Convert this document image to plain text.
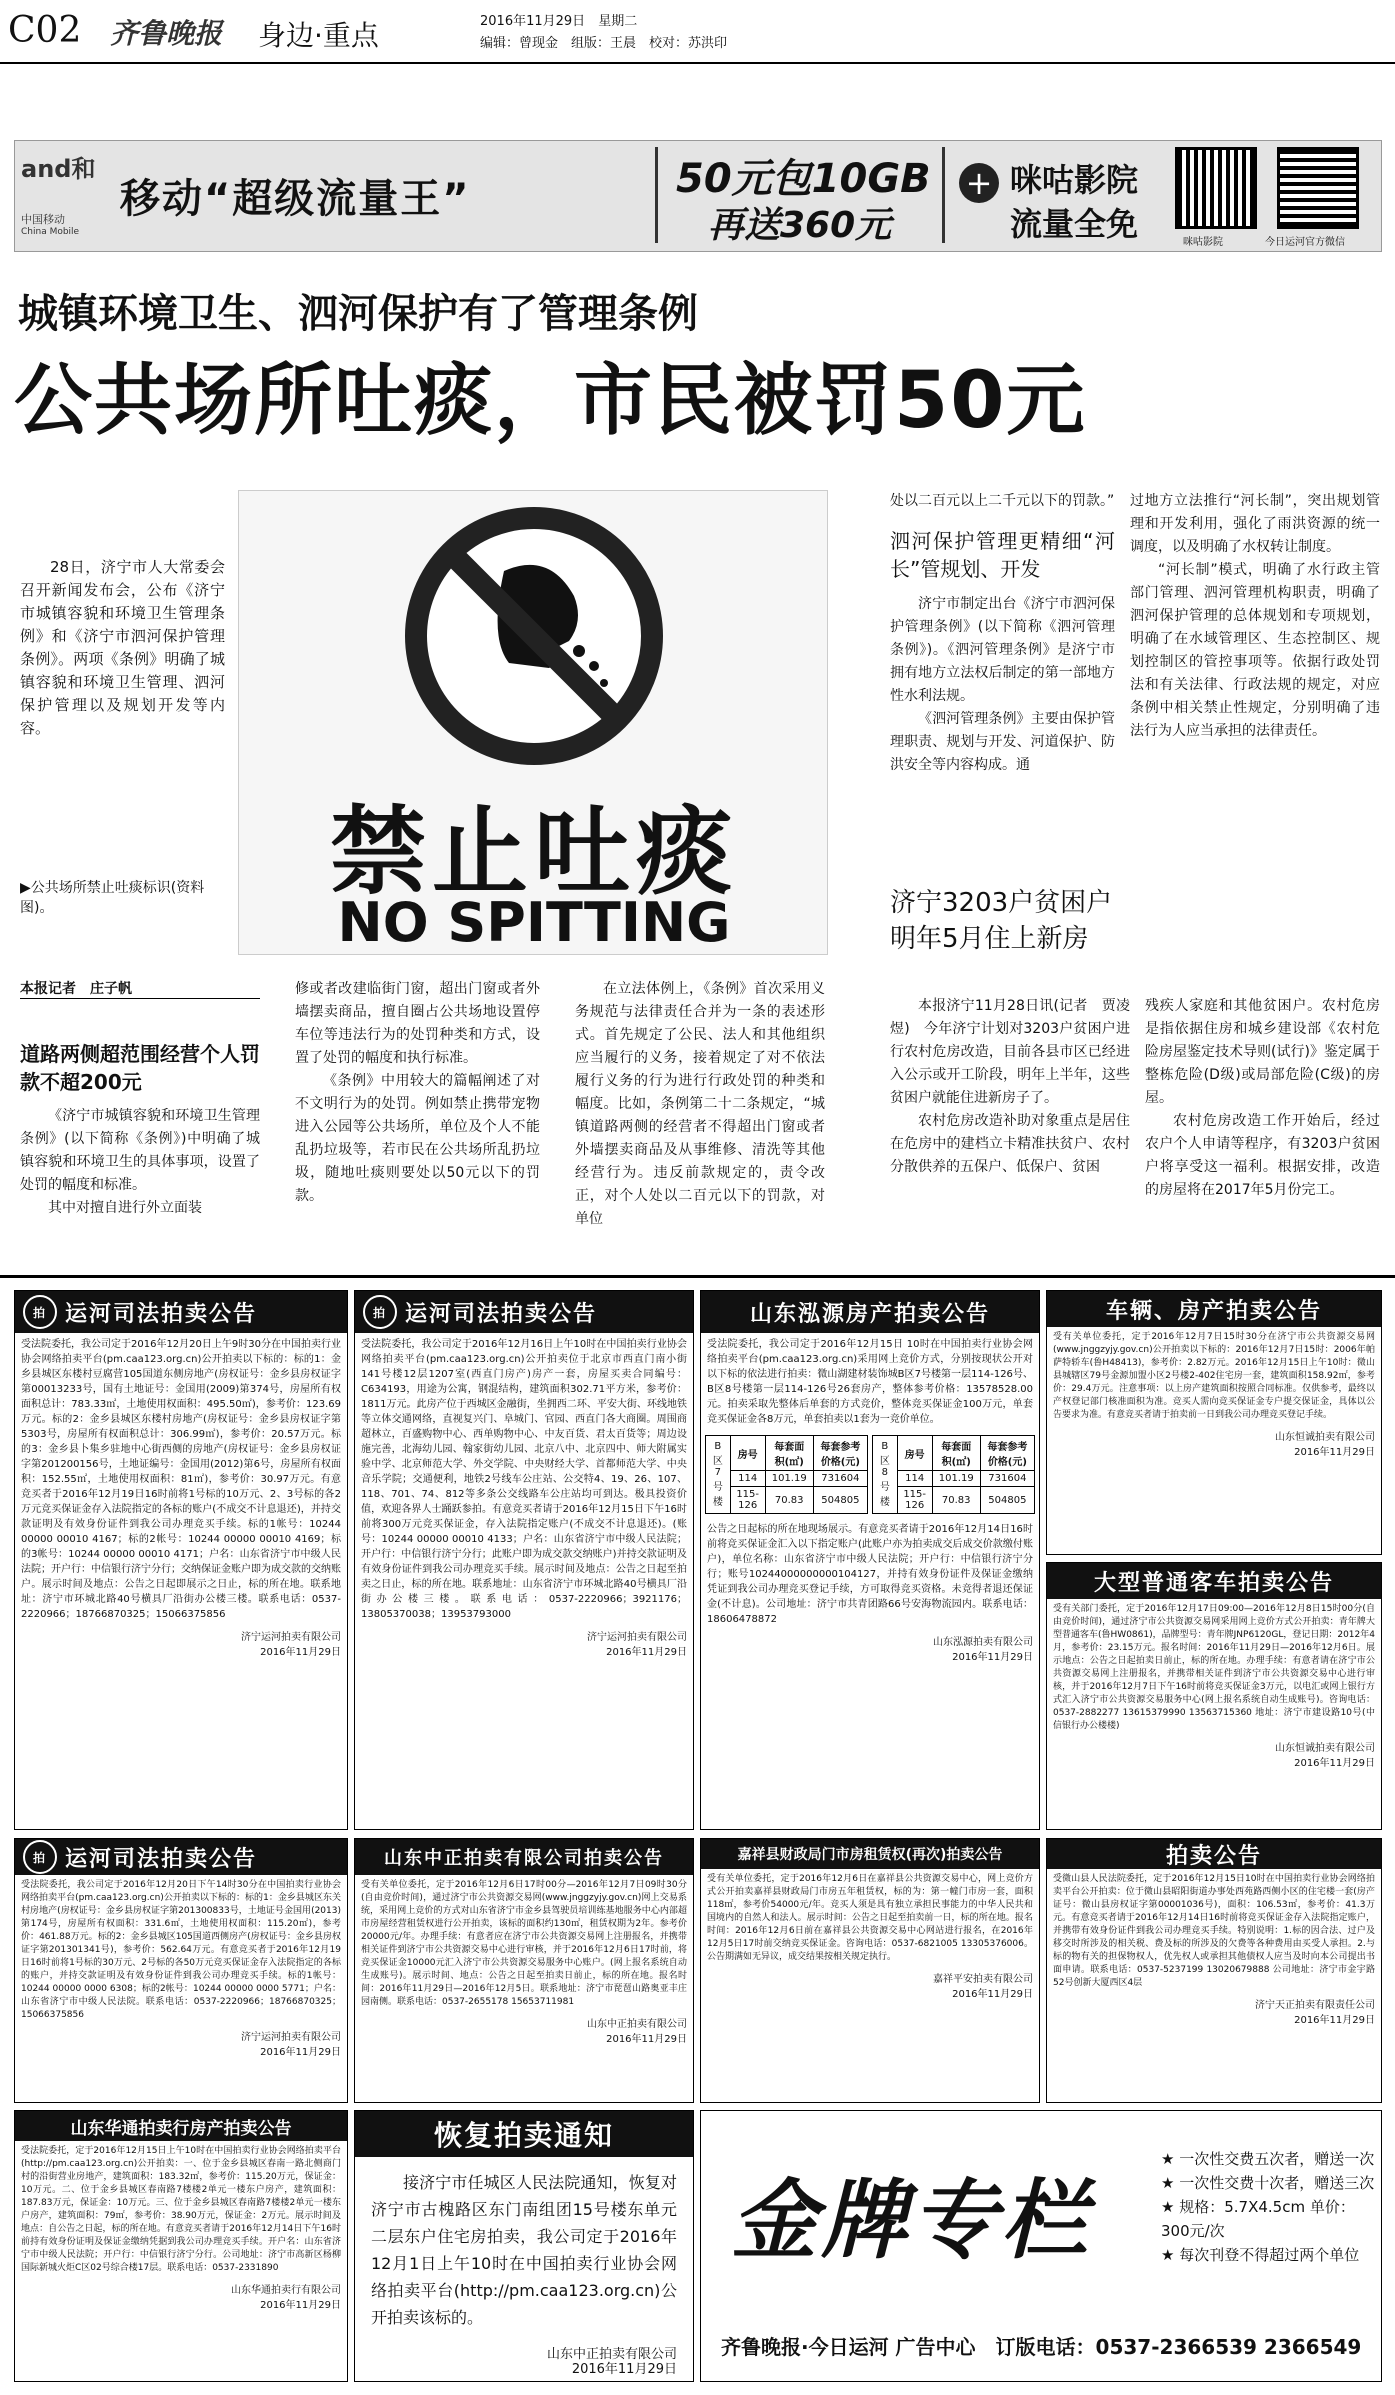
C02 齐鲁晚报 身边·重点	2016年11月29日　 星期二
编辑：曾现金　组版：王晨　校对：苏洪印
and和
中国移动
China Mobile
移动“超级流量王”	50元包10GB
再送360元
+ 咪咕影院
流量全免	咪咕影院	今日运河官方微信
城镇环境卫生、泗河保护有了管理条例
公共场所吐痰，市民被罚50元

28日，济宁市人大常委会召开新闻发布会，公布《济宁市城镇容貌和环境卫生管理条例》和《济宁市泗河保护管理条例》。两项《条例》明确了城镇容貌和环境卫生管理、泗河保护管理以及规划开发等内容。

▶公共场所禁止吐痰标识(资料图)。	禁止吐痰
NO SPITTING
处以二百元以上二千元以下的罚款。”
泗河保护管理更精细“河长”管规划、开发

济宁市制定出台《济宁市泗河保护管理条例》(以下简称《泗河管理条例》)。《泗河管理条例》是济宁市拥有地方立法权后制定的第一部地方性水利法规。

《泗河管理条例》主要由保护管理职责、规划与开发、河道保护、防洪安全等内容构成。通

过地方立法推行“河长制”，突出规划管理和开发利用，强化了雨洪资源的统一调度，以及明确了水权转让制度。

“河长制”模式，明确了水行政主管部门管理、泗河管理机构职责，明确了泗河保护管理的总体规划和专项规划，明确了在水域管理区、生态控制区、规划控制区的管控事项等。依据行政处罚法和有关法律、行政法规的规定，对应条例中相关禁止性规定，分别明确了违法行为人应当承担的法律责任。

济宁3203户贫困户
明年5月住上新房
本报记者　庄子帆
道路两侧超范围经营个人罚款不超200元

《济宁市城镇容貌和环境卫生管理条例》(以下简称《条例》)中明确了城镇容貌和环境卫生的具体事项，设置了处罚的幅度和标准。

其中对擅自进行外立面装

修或者改建临街门窗，超出门窗或者外墙摆卖商品，擅自圈占公共场地设置停车位等违法行为的处罚种类和方式，设置了处罚的幅度和执行标准。

《条例》中用较大的篇幅阐述了对不文明行为的处罚。例如禁止携带宠物进入公园等公共场所，单位及个人不能乱扔垃圾等，若市民在公共场所乱扔垃圾，随地吐痰则要处以50元以下的罚款。

在立法体例上，《条例》首次采用义务规范与法律责任合并为一条的表述形式。首先规定了公民、法人和其他组织应当履行的义务，接着规定了对不依法履行义务的行为进行行政处罚的种类和幅度。比如，条例第二十二条规定，“城镇道路两侧的经营者不得超出门窗或者外墙摆卖商品及从事维修、清洗等其他经营行为。违反前款规定的，责令改正，对个人处以二百元以下的罚款，对单位

本报济宁11月28日讯(记者　贾凌煜)　今年济宁计划对3203户贫困户进行农村危房改造，目前各县市区已经进入公示或开工阶段，明年上半年，这些贫困户就能住进新房子了。

农村危房改造补助对象重点是居住在危房中的建档立卡精准扶贫户、农村分散供养的五保户、低保户、贫困

残疾人家庭和其他贫困户。农村危房是指依据住房和城乡建设部《农村危险房屋鉴定技术导则(试行)》鉴定属于整栋危险(D级)或局部危险(C级)的房屋。

农村危房改造工作开始后，经过农户个人申请等程序，有3203户贫困户将享受这一福利。根据安排，改造的房屋将在2017年5月份完工。

拍 运河司法拍卖公告
受法院委托，我公司定于2016年12月20日上午9时30分在中国拍卖行业协会网络拍卖平台(pm.caa123.org.cn)公开拍卖以下标的：标的1：金乡县城区东楼村豆腐营105国道东侧房地产(房权证号：金乡县房权证字第00013233号，国有土地证号：金国用(2009)第374号，房屋所有权面积总计：783.33㎡，土地使用权面积：495.50㎡)，参考价：123.69万元。标的2：金乡县城区东楼村房地产(房权证号：金乡县房权证字第5303号，房屋所有权面积总计：306.99㎡)，参考价：20.57万元。标的3：金乡县卜集乡驻地中心街西侧的房地产(房权证号：金乡县房权证字第201200156号，土地证编号：金国用(2012)第6号，房屋所有权面积：152.55㎡，土地使用权面积：81㎡)，参考价：30.97万元。有意竞买者于2016年12月19日16时前将1号标的10万元、2、3号标的各2万元竞买保证金存入法院指定的各标的账户(不成交不计息退还)，并持交款证明及有效身份证件到我公司办理竞买手续。标的1帐号：10244 00000 00010 4167；标的2帐号：10244 00000 00010 4169；标的3帐号：10244 00000 00010 4171；户名：山东省济宁市中级人民法院；开户行：中信银行济宁分行；交纳保证金账户即为成交款的交纳账户。展示时间及地点：公告之日起即展示之日止，标的所在地。联系地址：济宁市环城北路40号横具厂沿街办公楼三楼。联系电话：0537-2220966；18766870325；15066375856
济宁运河拍卖有限公司
2016年11月29日
拍 运河司法拍卖公告
受法院委托，我公司定于2016年12月16日上午10时在中国拍卖行业协会网络拍卖平台(pm.caa123.org.cn)公开拍卖位于北京市西直门南小街141号楼12层1207室(西直门房产)房产一套，房屋买卖合同编号：C634193，用途为公寓，钢混结构，建筑面积302.71平方米，参考价：1811万元。此房产位于西城区金融街，坐拥西二环、平安大街、环线地铁等立体交通网络，直视复兴门、阜城门、官园、西直门各大商圈。周围商超林立，百盛购物中心、西单购物中心、中友百货、君太百货等；周边设施完善，北海幼儿园、翰家街幼儿园、北京八中、北京四中、师大附属实验中学、北京师范大学、外交学院、中央财经大学、首都师范大学、中央音乐学院；交通便利，地铁2号线车公庄站、公交特4、19、26、107、118、701、74、812等多条公交线路车公庄站均可到达。极具投资价值，欢迎各界人士踊跃参拍。有意竞买者请于2016年12月15日下午16时前将300万元竞买保证金，存入法院指定账户(不成交不计息退还)。(账号：10244 00000 00010 4133；户名：山东省济宁市中级人民法院；开户行：中信银行济宁分行；此账户即为成交款交纳账户)并持交款证明及有效身份证件到我公司办理竞买手续。展示时间及地点：公告之日起至拍卖之日止，标的所在地。联系地址：山东省济宁市环城北路40号横具厂沿街办公楼三楼。联系电话：0537-2220966；3921176；13805370038；13953793000
济宁运河拍卖有限公司
2016年11月29日
山东泓源房产拍卖公告
受法院委托，我公司定于2016年12月15日 10时在中国拍卖行业协会网络拍卖平台(pm.caa123.org.cn)采用网上竞价方式，分别按现状公开对以下标的依法进行拍卖：微山湖建材装饰城B区7号楼第一层114-126号、B区8号楼第一层114-126号26套房产，整体参考价格：13578528.00元。拍卖采取先整体后单套的方式竞价，整体竞买保证金100万元，单套竞买保证金各8万元，单套拍卖以1套为一竞价单位。
B区7号楼	房号	每套面积(㎡)	每套参考价格(元)
	114	101.19	731604
	115-126	70.83	504805
B区8号楼	房号	每套面积(㎡)	每套参考价格(元)
	114	101.19	731604
	115-126	70.83	504805
公告之日起标的所在地现场展示。有意竞买者请于2016年12月14日16时前将竞买保证金汇入以下指定账户(此账户亦为拍卖成交后成交价款缴付账户)，单位名称：山东省济宁市中级人民法院；开户行：中信银行济宁分行；账号10244000000000104127，并持有效身份证件及保证金缴纳凭证到我公司办理竞买登记手续，方可取得竞买资格。未竞得者退还保证金(不计息)。公司地址：济宁市共青团路66号安海物流园内。联系电话：18606478872
山东泓源拍卖有限公司
2016年11月29日
车辆、房产拍卖公告
受有关单位委托，定于2016年12月7日15时30分在济宁市公共资源交易网(www.jnggzyjy.gov.cn)公开拍卖以下标的：2016年12月7日15时：2006年帕萨特轿车(鲁H48413)，参考价：2.82万元。2016年12月15日上午10时：微山县城辖区79号金源加盟小区2号楼2-402住宅房一套，建筑面积158.92㎡，参考价：29.4万元。注意事项：以上房产建筑面积按照合同标准。仅供参考，最终以产权登记部门核准面积为准。竞买人需向竞买保证金专户提交保证金，具体以公告要求为准。有意竞买者请于拍卖前一日到我公司办理竞买登记手续。
山东恒诚拍卖有限公司
2016年11月29日
大型普通客车拍卖公告
受有关部门委托，定于2016年12月17日09:00—2016年12月8日15时00分(自由竞价时间)，通过济宁市公共资源交易网采用网上竞价方式公开拍卖：青年牌大型普通客车(鲁HW0861)，品牌型号：青年牌JNP6120GL，登记日期：2012年4月，参考价：23.15万元。报名时间：2016年11月29日—2016年12月6日。展示地点：公告之日起拍卖日前止，标的所在地。办理手续：有意者请在济宁市公共资源交易网上注册报名，并携带相关证件到济宁市公共资源交易中心进行审核，并于2016年12月7日下午16时前将竞买保证金3万元，以电汇或网上银行方式汇入济宁市公共资源交易服务中心(网上报名系统自动生成账号)。咨询电话：0537-2882277 13615379990 13563715360 地址：济宁市建设路10号(中信银行办公楼楼)
山东恒诚拍卖有限公司
2016年11月29日
拍 运河司法拍卖公告
受法院委托，我公司定于2016年12月20日下午14时30分在中国拍卖行业协会网络拍卖平台(pm.caa123.org.cn)公开拍卖以下标的：标的1：金乡县城区东关村房地产(房权证号：金乡县房权证字第201300833号，土地证号金国用(2013)第174号，房屋所有权面积：331.6㎡，土地使用权面积：115.20㎡)，参考价：461.88万元。标的2：金乡县城区105国道西侧房产(房权证号：金乡县房权证字第201301341号)，参考价：562.64万元。有意竞买者于2016年12月19日16时前将1号标的30万元、2号标的各50万元竞买保证金存入法院指定的各标的账户，并持交款证明及有效身份证件到我公司办理竞买手续。标的1帐号：10244 00000 0000 6308；标的2帐号：10244 00000 0000 5771；户名：山东省济宁市中级人民法院。联系电话：0537-2220966；18766870325；15066375856
济宁运河拍卖有限公司
2016年11月29日
山东中正拍卖有限公司拍卖公告
受有关单位委托，定于2016年12月6日17时00分—2016年12月7日09时30分(自由竞价时间)，通过济宁市公共资源交易网(www.jnggzyjy.gov.cn)网上交易系统，采用网上竞价的方式对山东省济宁市金乡县驾驶员培训练基地服务中心内部超市房屋经营租赁权进行公开拍卖，该标的面积约130㎡，租赁权期为2年。参考价20000元/年。办理手续：有意者应在济宁市公共资源交易网上注册报名，并携带相关证件到济宁市公共资源交易中心进行审核，并于2016年12月6日17时前，将竞买保证金10000元汇入济宁市公共资源交易服务中心账户。(网上报名系统自动生成账号)。展示时间、地点：公告之日起至拍卖日前止，标的所在地。报名时间：2016年11月29日—2016年12月5日。联系地址：济宁市琵琶山路奥亚丰庄园南侧。联系电话：0537-2655178 15653711981
山东中正拍卖有限公司
2016年11月29日
嘉祥县财政局门市房租赁权(再次)拍卖公告
受有关单位委托，定于2016年12月6日在嘉祥县公共资源交易中心，网上竞价方式公开拍卖嘉祥县财政局门市房五年租赁权，标的为：第一幢门市房一套，面积118㎡，参考价54000元/年。竞买人须是具有独立承担民事能力的中华人民共和国境内的自然人和法人。展示时间：公告之日起至拍卖前一日，标的所在地。报名时间：2016年12月6日前在嘉祥县公共资源交易中心网站进行报名，在2016年12月5日17时前交纳竞买保证金。咨询电话：0537-6821005 13305376006。公告期满如无异议，成交结果按相关规定执行。
嘉祥平安拍卖有限公司
2016年11月29日
拍卖公告
受微山县人民法院委托，定于2016年12月15日10时在中国拍卖行业协会网络拍卖平台公开拍卖：位于微山县昭阳街道办事处西苑路西侧小区的住宅楼一套(房产证号：微山县房权证字第00001036号)，面积：106.53㎡，参考价：41.3万元。有意竞买者请于2016年12月14日16时前将竞买保证金存入法院指定账户，并携带有效身份证件到我公司办理竞买手续。特别说明：1.标的因合法、过户及移交时所涉及的相关税、费及标的所涉及的欠费等各种费用由买受人承担。2.与标的物有关的担保物权人，优先权人或承担其他债权人应当及时向本公司提出书面申请。联系电话：0537-5237199 13020679888 公司地址：济宁市金宇路52号创新大厦西区4层
济宁天正拍卖有限责任公司
2016年11月29日
山东华通拍卖行房产拍卖公告
受法院委托，定于2016年12月15日上午10时在中国拍卖行业协会网络拍卖平台(http://pm.caa123.org.cn)公开拍卖：一、位于金乡县城区春南一路北侧商门村的沿街营业房地产，建筑面积：183.32㎡，参考价：115.20万元，保证金：10万元。二、位于金乡县城区春南路7楼楼2单元一楼东户房产，建筑面积：187.83万元，保证金：10万元。三、位于金乡县城区春南路7楼楼2单元一楼东户房产，建筑面积：79㎡，参考价：38.90万元，保证金：2万元。展示时间及地点：自公告之日起，标的所在地。有意竞买者请于2016年12月14日下午16时前持有效身份证明及保证金缴纳凭据到我公司办理竞买手续。开户名：山东省济宁市中级人民法院；开户行：中信银行济宁分行。公司地址：济宁市高新区杨柳国际新城火炬C区02号综合楼17层。联系电话：0537-2331890
山东华通拍卖行有限公司
2016年11月29日
恢复拍卖通知
接济宁市任城区人民法院通知，恢复对济宁市古槐路区东门南组团15号楼东单元二层东户住宅房拍卖，我公司定于2016年12月1日上午10时在中国拍卖行业协会网络拍卖平台(http://pm.caa123.org.cn)公开拍卖该标的。
山东中正拍卖有限公司
2016年11月29日
金牌专栏
★ 一次性交费五次者，赠送一次
★ 一次性交费十次者，赠送三次
★ 规格：5.7X4.5cm 单价：300元/次
★ 每次刊登不得超过两个单位
齐鲁晚报·今日运河 广告中心　订版电话：0537-2366539 2366549
